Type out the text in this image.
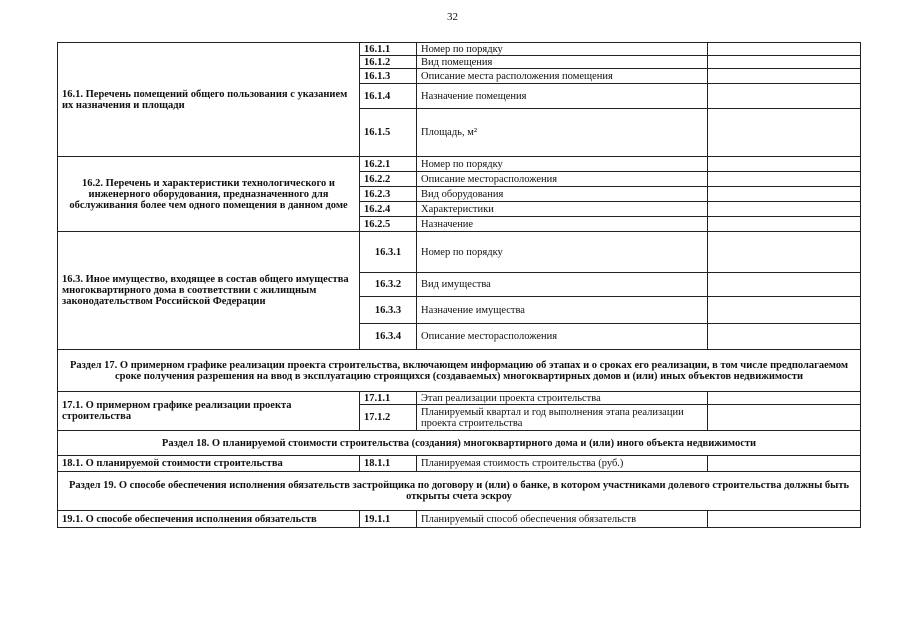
32
16.1. Перечень помещений общего пользования с указанием их назначения и площади	16.1.1	Номер по порядку	
	16.1.2	Вид помещения	
	16.1.3	Описание места расположения помещения	
	16.1.4	Назначение помещения	
	16.1.5	Площадь, м²	
16.2. Перечень и характеристики технологического и инженерного оборудования, предназначенного для обслуживания более чем одного помещения в данном доме	16.2.1	Номер по порядку	
	16.2.2	Описание месторасположения	
	16.2.3	Вид оборудования	
	16.2.4	Характеристики	
	16.2.5	Назначение	
16.3. Иное имущество, входящее в состав общего имущества многоквартирного дома в соответствии с жилищным законодательством Российской Федерации	16.3.1	Номер по порядку	
	16.3.2	Вид имущества	
	16.3.3	Назначение имущества	
	16.3.4	Описание месторасположения	
Раздел 17. О примерном графике реализации проекта строительства, включающем информацию об этапах и о сроках его реализации, в том числе предполагаемом сроке получения разрешения на ввод в эксплуатацию строящихся (создаваемых) многоквартирных домов и (или) иных объектов недвижимости			
17.1. О примерном графике реализации проекта строительства	17.1.1	Этап реализации проекта строительства	
	17.1.2	Планируемый квартал и год выполнения этапа реализации проекта строительства	
Раздел 18. О планируемой стоимости строительства (создания) многоквартирного дома и (или) иного объекта недвижимости			
18.1. О планируемой стоимости строительства	18.1.1	Планируемая стоимость строительства (руб.)	
Раздел 19. О способе обеспечения исполнения обязательств застройщика по договору и (или) о банке, в котором участниками долевого строительства должны быть открыты счета эскроу			
19.1. О способе обеспечения исполнения обязательств	19.1.1	Планируемый способ обеспечения обязательств	
